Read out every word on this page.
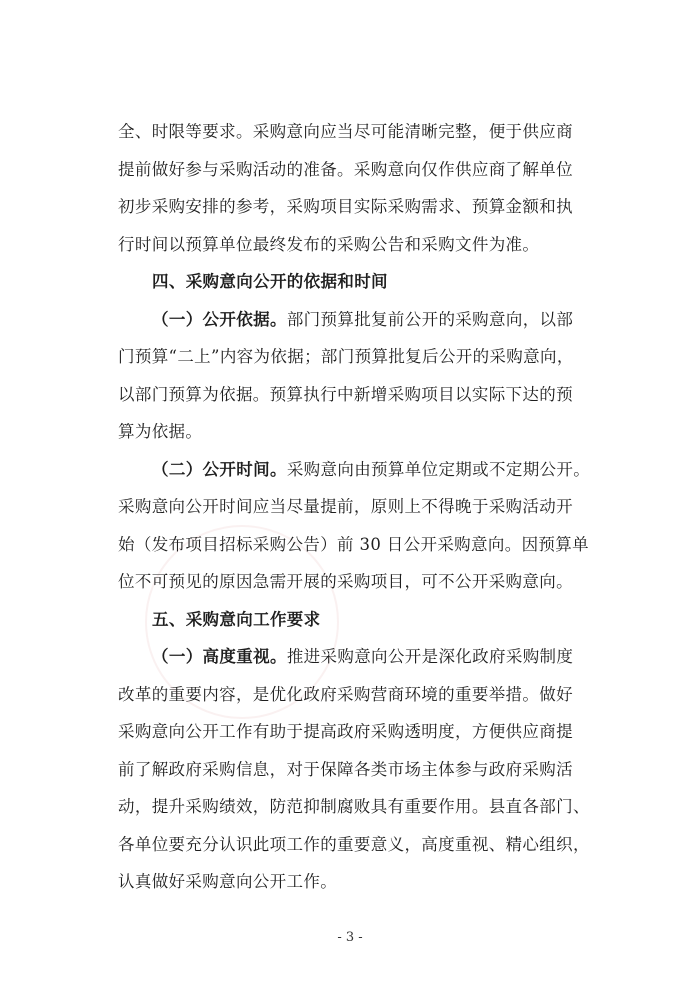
全、时限等要求。采购意向应当尽可能清晰完整，便于供应商
提前做好参与采购活动的准备。采购意向仅作供应商了解单位
初步采购安排的参考，采购项目实际采购需求、预算金额和执
行时间以预算单位最终发布的采购公告和采购文件为准。
四、采购意向公开的依据和时间
（一）公开依据。部门预算批复前公开的采购意向，以部
门预算“二上”内容为依据；部门预算批复后公开的采购意向，
以部门预算为依据。预算执行中新增采购项目以实际下达的预
算为依据。
（二）公开时间。采购意向由预算单位定期或不定期公开。
采购意向公开时间应当尽量提前，原则上不得晚于采购活动开
始（发布项目招标采购公告）前 30 日公开采购意向。因预算单
位不可预见的原因急需开展的采购项目，可不公开采购意向。
五、采购意向工作要求
（一）高度重视。推进采购意向公开是深化政府采购制度
改革的重要内容，是优化政府采购营商环境的重要举措。做好
采购意向公开工作有助于提高政府采购透明度，方便供应商提
前了解政府采购信息，对于保障各类市场主体参与政府采购活
动，提升采购绩效，防范抑制腐败具有重要作用。县直各部门、
各单位要充分认识此项工作的重要意义，高度重视、精心组织，
认真做好采购意向公开工作。
- 3 -
